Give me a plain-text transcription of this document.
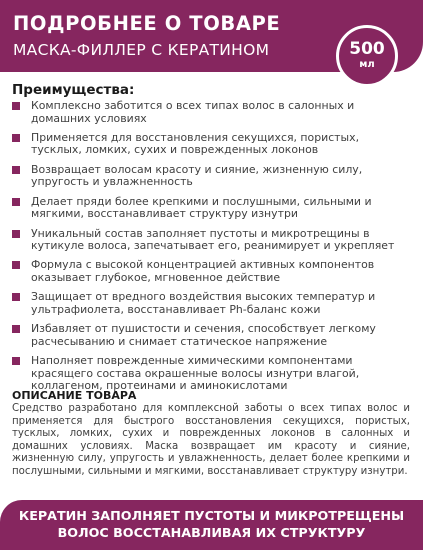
ПОДРОБНЕЕ О ТОВАРЕ
МАСКА-ФИЛЛЕР С КЕРАТИНОМ	500
мл
Преимущества:
Комплексно заботится о всех типах волос в салонных и домашних условиях
Применяется для восстановления секущихся, пористых, тусклых, ломких, сухих и поврежденных локонов
Возвращает волосам красоту и сияние, жизненную силу, упругость и увлажненность
Делает пряди более крепкими и послушными, сильными и мягкими, восстанавливает структуру изнутри
Уникальный состав заполняет пустоты и микротрещины в кутикуле волоса, запечатывает его, реанимирует и укрепляет
Формула с высокой концентрацией активных компонентов оказывает глубокое, мгновенное действие
Защищает от вредного воздействия высоких температур и ультрафиолета, восстанавливает Ph-баланс кожи
Избавляет от пушистости и сечения, способствует легкому расчесыванию и снимает статическое напряжение
Наполняет поврежденные химическими компонентами красящего состава окрашенные волосы изнутри влагой, коллагеном, протеинами и аминокислотами
ОПИСАНИЕ ТОВАРА
Средство разработано для комплексной заботы о всех типах волос и применяется для быстрого восстановления секущихся, пористых, тусклых, ломких, сухих и поврежденных локонов в салонных и домашних условиях. Маска возвращает им красоту и сияние, жизненную силу, упругость и увлажненность, делает более крепкими и послушными, сильными и мягкими, восстанавливает структуру изнутри.
КЕРАТИН ЗАПОЛНЯЕТ ПУСТОТЫ И МИКРОТРЕЩЕНЫ
ВОЛОС ВОССТАНАВЛИВАЯ ИХ СТРУКТУРУ
